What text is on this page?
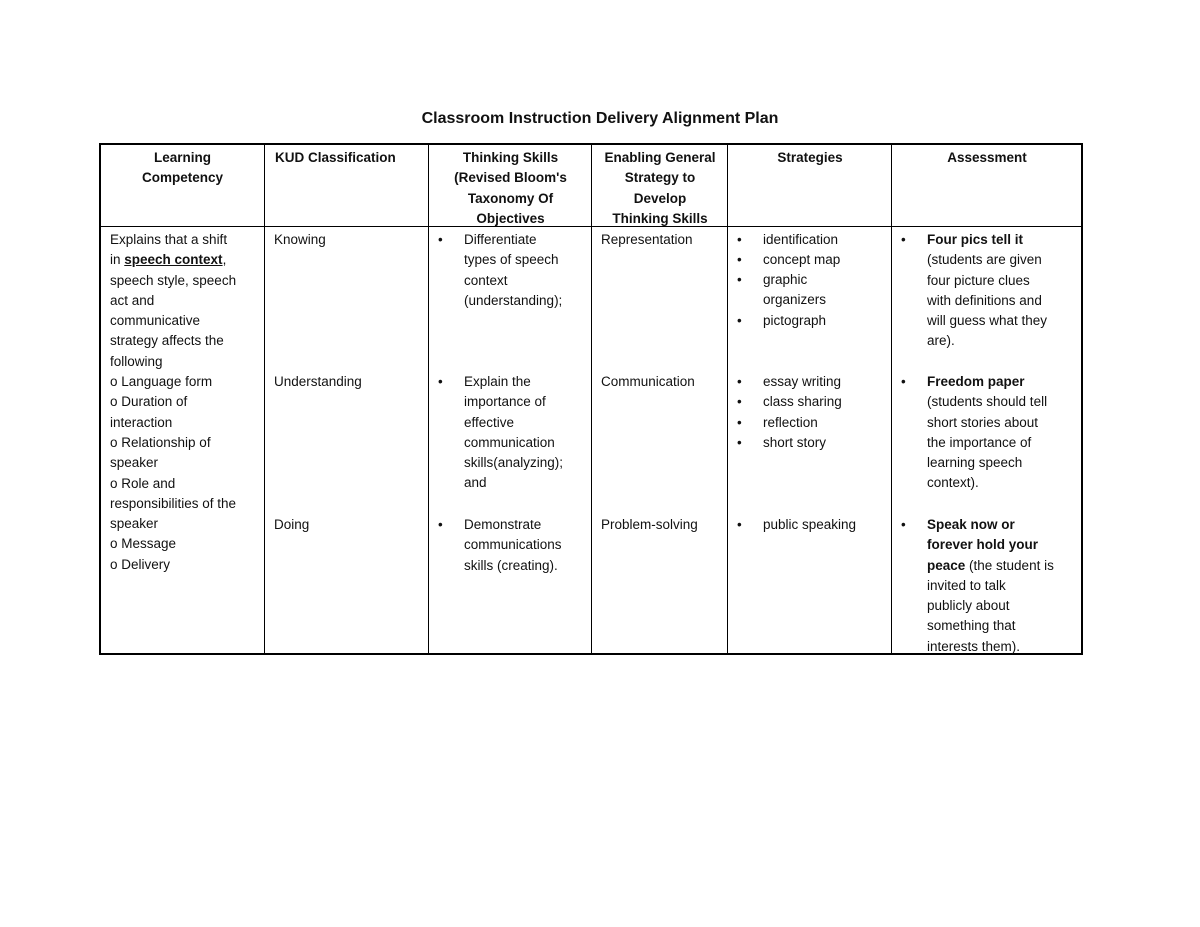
Classroom Instruction Delivery Alignment Plan
Learning
Competency
KUD Classification	Thinking Skills
(Revised Bloom's
Taxonomy Of
Objectives
Enabling General
Strategy to
Develop
Thinking Skills
Strategies	Assessment
Explains that a shift
in speech context,
speech style, speech
act and
communicative
strategy affects the
following
o Language form
o Duration of
interaction
o Relationship of
speaker
o Role and
responsibilities of the
speaker
o Message
o Delivery
Knowing
Understanding
Doing
• Differentiate
types of speech
context
(understanding);
• Explain the
importance of
effective
communication
skills(analyzing);
and
• Demonstrate
communications
skills (creating).
Representation
Communication
Problem-solving
• identification
• concept map
• graphic
organizers
• pictograph
• essay writing
• class sharing
• reflection
• short story
• public speaking
• Four pics tell it
(students are given
four picture clues
with definitions and
will guess what they
are).
• Freedom paper
(students should tell
short stories about
the importance of
learning speech
context).
• Speak now or
forever hold your
peace (the student is
invited to talk
publicly about
something that
interests them).
